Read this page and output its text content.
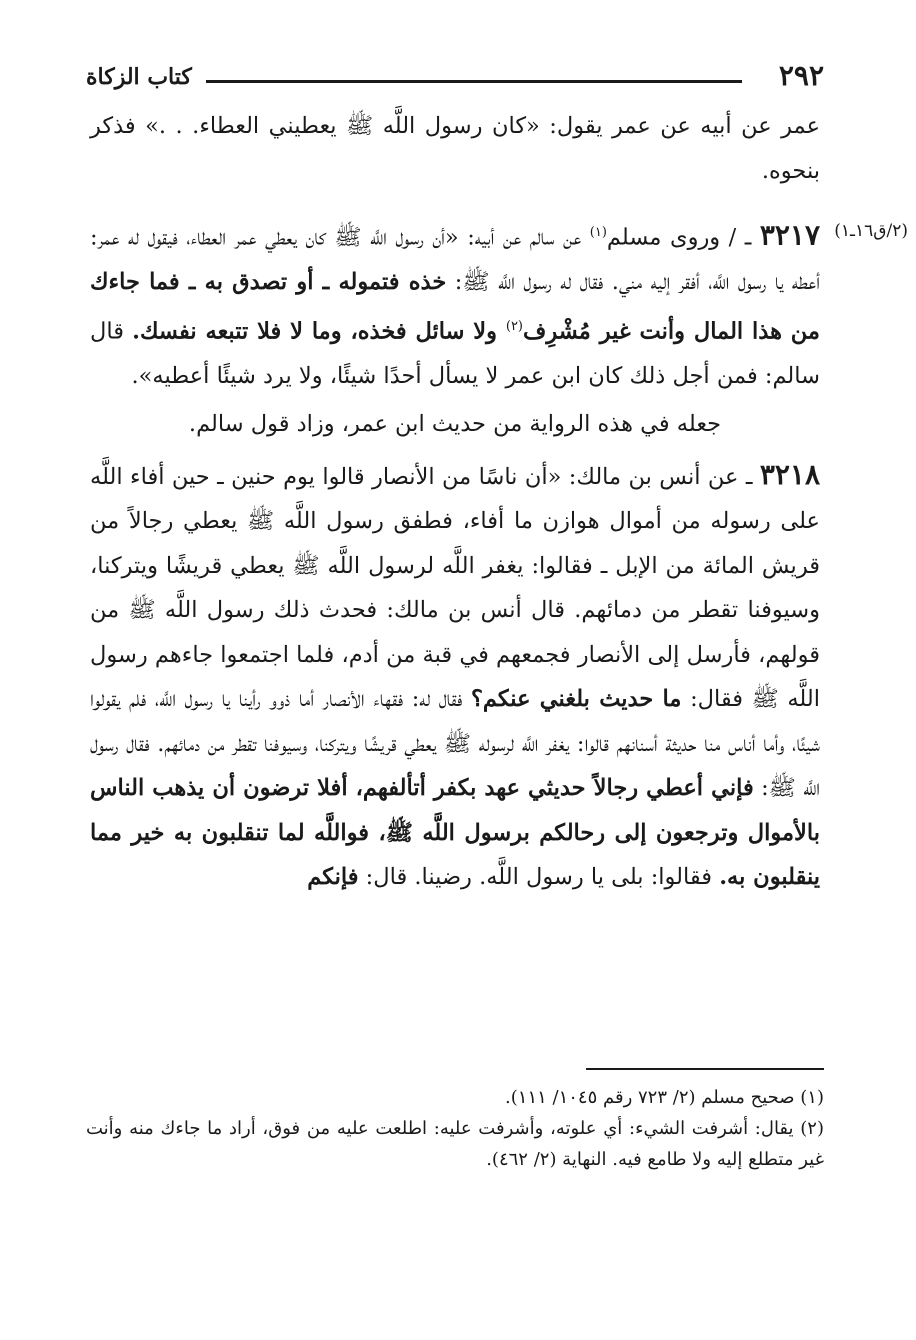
٢٩٢
كتاب الزكاة
(٢/ق١٦ـ١)

عمر عن أبيه عن عمر يقول: «كان رسول اللَّه ﷺ يعطيني العطاء. . .» فذكر بنحوه.

٣٢١٧ ـ / وروى مسلم$^{(١)}$ عن سالم عن أبيه: «أن رسول اللَّه ﷺ كان يعطي عمر العطاء، فيقول له عمر: أعطه يا رسول اللَّه، أفقر إليه مني. فقال له رسول اللَّه ﷺ: خذه فتموله ـ أو تصدق به ـ فما جاءك من هذا المال وأنت غير مُشْرِف$^{(٢)}$ ولا سائل فخذه، وما لا فلا تتبعه نفسك. قال سالم: فمن أجل ذلك كان ابن عمر لا يسأل أحدًا شيئًا، ولا يرد شيئًا أعطيه».

جعله في هذه الرواية من حديث ابن عمر، وزاد قول سالم.

٣٢١٨ ـ عن أنس بن مالك: «أن ناسًا من الأنصار قالوا يوم حنين ـ حين أفاء اللَّه على رسوله من أموال هوازن ما أفاء، فطفق رسول اللَّه ﷺ يعطي رجالاً من قريش المائة من الإبل ـ فقالوا: يغفر اللَّه لرسول اللَّه ﷺ يعطي قريشًا ويتركنا، وسيوفنا تقطر من دمائهم. قال أنس بن مالك: فحدث ذلك رسول اللَّه ﷺ من قولهم، فأرسل إلى الأنصار فجمعهم في قبة من أدم، فلما اجتمعوا جاءهم رسول اللَّه ﷺ فقال: ما حديث بلغني عنكم؟ فقال له: فقهاء الأنصار أما ذوو رأينا يا رسول اللَّه، فلم يقولوا شيئًا، وأما أناس منا حديثة أسنانهم قالوا: يغفر اللَّه لرسوله ﷺ يعطي قريشًا ويتركنا، وسيوفنا تقطر من دمائهم. فقال رسول اللَّه ﷺ: فإني أعطي رجالاً حديثي عهد بكفر أتألفهم، أفلا ترضون أن يذهب الناس بالأموال وترجعون إلى رحالكم برسول اللَّه ﷺ، فواللَّه لما تنقلبون به خير مما ينقلبون به. فقالوا: بلى يا رسول اللَّه. رضينا. قال: فإنكم

(١) صحيح مسلم (٢/ ٧٢٣ رقم ١٠٤٥/ ١١١).

(٢) يقال: أشرفت الشيء: أي علوته، وأشرفت عليه: اطلعت عليه من فوق، أراد ما جاءك منه وأنت غير متطلع إليه ولا طامع فيه. النهاية (٢/ ٤٦٢).
